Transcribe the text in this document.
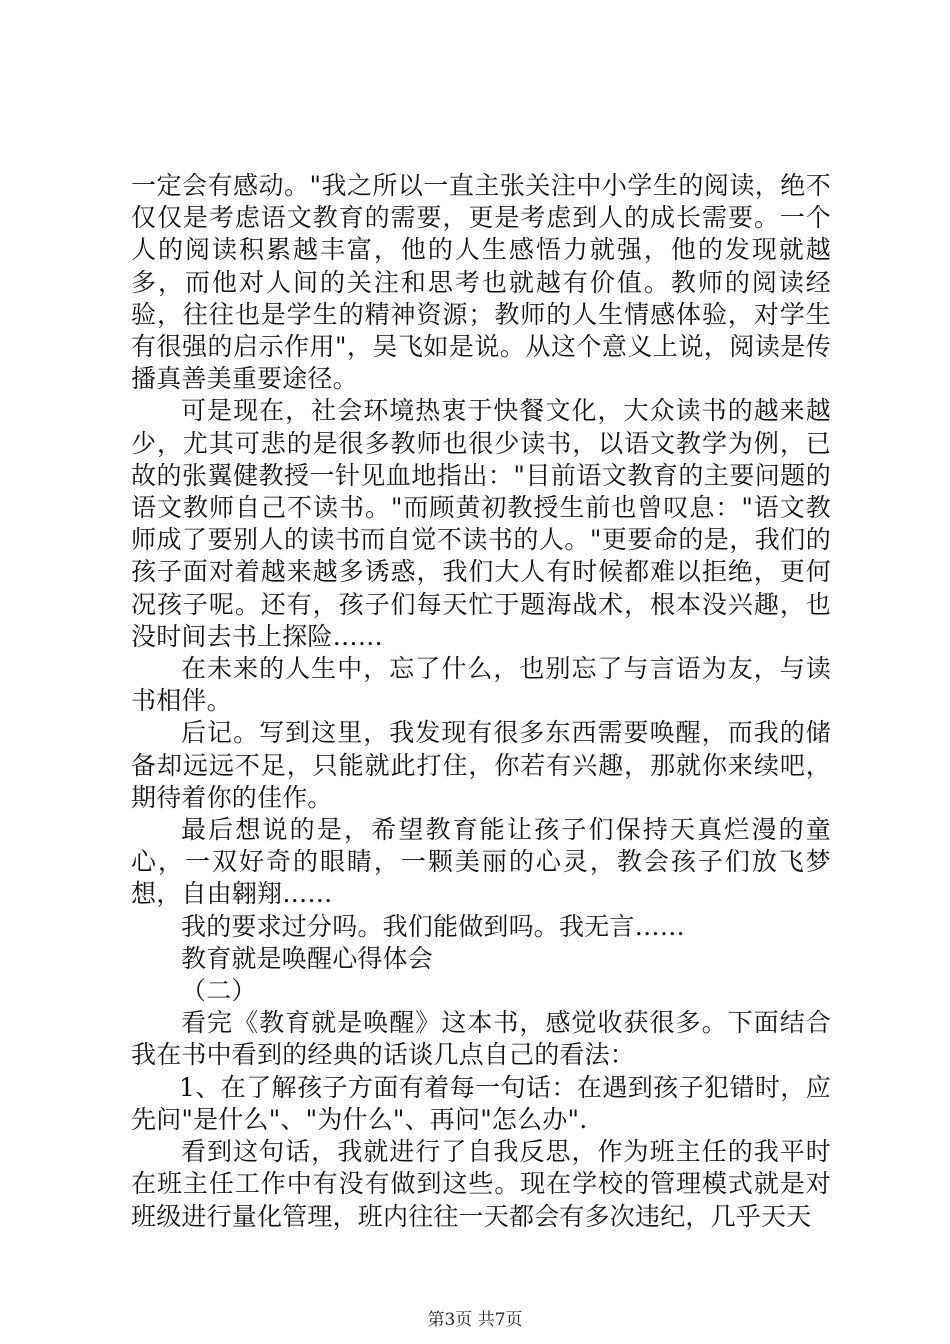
一定会有感动。"我之所以一直主张关注中小学生的阅读，绝不仅仅是考虑语文教育的需要，更是考虑到人的成长需要。一个人的阅读积累越丰富，他的人生感悟力就强，他的发现就越多，而他对人间的关注和思考也就越有价值。教师的阅读经验，往往也是学生的精神资源；教师的人生情感体验，对学生有很强的启示作用"，吴飞如是说。从这个意义上说，阅读是传播真善美重要途径。

可是现在，社会环境热衷于快餐文化，大众读书的越来越少，尤其可悲的是很多教师也很少读书，以语文教学为例，已故的张翼健教授一针见血地指出："目前语文教育的主要问题的语文教师自己不读书。"而顾黄初教授生前也曾叹息："语文教师成了要别人的读书而自觉不读书的人。"更要命的是，我们的孩子面对着越来越多诱惑，我们大人有时候都难以拒绝，更何况孩子呢。还有，孩子们每天忙于题海战术，根本没兴趣，也没时间去书上探险……

在未来的人生中，忘了什么，也别忘了与言语为友，与读书相伴。

后记。写到这里，我发现有很多东西需要唤醒，而我的储备却远远不足，只能就此打住，你若有兴趣，那就你来续吧，期待着你的佳作。

最后想说的是，希望教育能让孩子们保持天真烂漫的童心，一双好奇的眼睛，一颗美丽的心灵，教会孩子们放飞梦想，自由翱翔……

我的要求过分吗。我们能做到吗。我无言……

教育就是唤醒心得体会

（二）

看完《教育就是唤醒》这本书，感觉收获很多。下面结合我在书中看到的经典的话谈几点自己的看法：

1、在了解孩子方面有着每一句话：在遇到孩子犯错时，应先问"是什么"、"为什么"、再问"怎么办".

看到这句话，我就进行了自我反思，作为班主任的我平时在班主任工作中有没有做到这些。现在学校的管理模式就是对班级进行量化管理，班内往往一天都会有多次违纪，几乎天天

第3页 共7页
